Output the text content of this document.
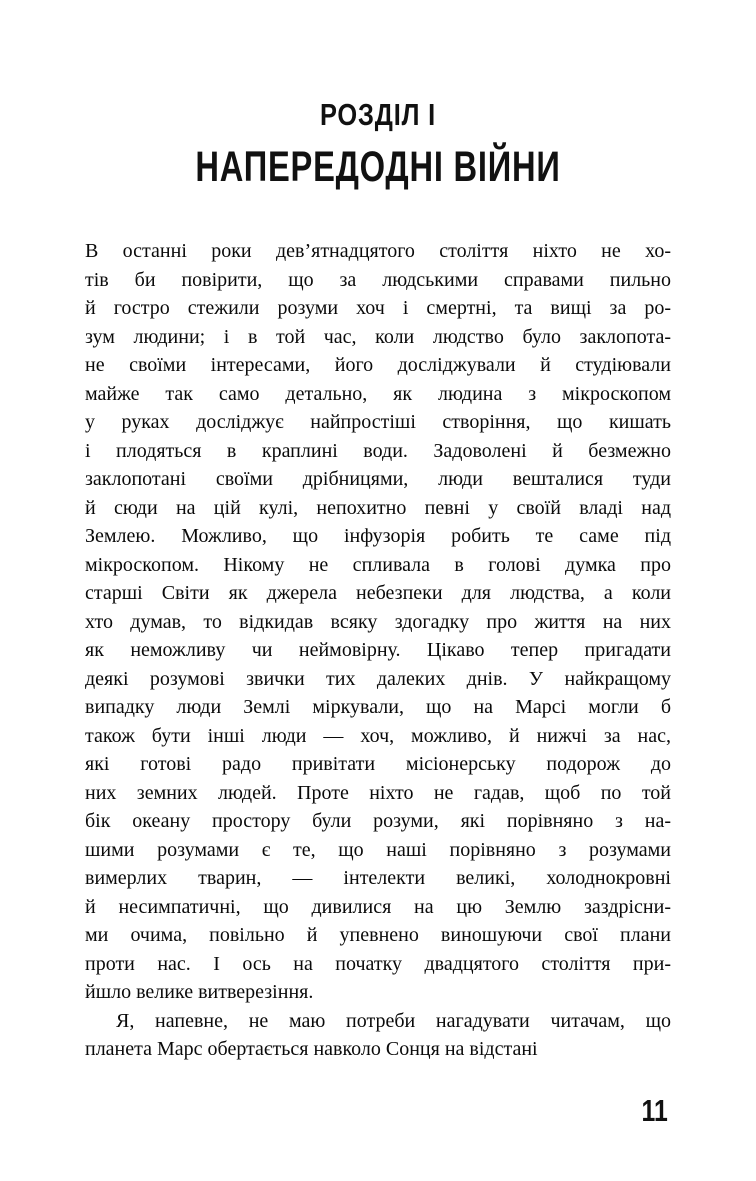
РОЗДІЛ І
НАПЕРЕДОДНІ ВІЙНИ
В останні роки дев’ятнадцятого століття ніхто не хо-
тів би повірити, що за людськими справами пильно
й гостро стежили розуми хоч і смертні, та вищі за ро-
зум людини; і в той час, коли людство було заклопота-
не своїми інтересами, його досліджували й студіювали
майже так само детально, як людина з мікроскопом
у руках досліджує найпростіші створіння, що кишать
і плодяться в краплині води. Задоволені й безмежно
заклопотані своїми дрібницями, люди вешталися туди
й сюди на цій кулі, непохитно певні у своїй владі над
Землею. Можливо, що інфузорія робить те саме під
мікроскопом. Нікому не спливала в голові думка про
старші Світи як джерела небезпеки для людства, а коли
хто думав, то відкидав всяку здогадку про життя на них
як неможливу чи неймовірну. Цікаво тепер пригадати
деякі розумові звички тих далеких днів. У найкращому
випадку люди Землі міркували, що на Марсі могли б
також бути інші люди — хоч, можливо, й нижчі за нас,
які готові радо привітати місіонерську подорож до
них земних людей. Проте ніхто не гадав, щоб по той
бік океану простору були розуми, які порівняно з на-
шими розумами є те, що наші порівняно з розумами
вимерлих тварин, — інтелекти великі, холоднокровні
й несимпатичні, що дивилися на цю Землю заздрісни-
ми очима, повільно й упевнено виношуючи свої плани
проти нас. І ось на початку двадцятого століття при-
йшло велике витверезіння.
Я, напевне, не маю потреби нагадувати читачам, що
планета Марс обертається навколо Сонця на відстані
11
